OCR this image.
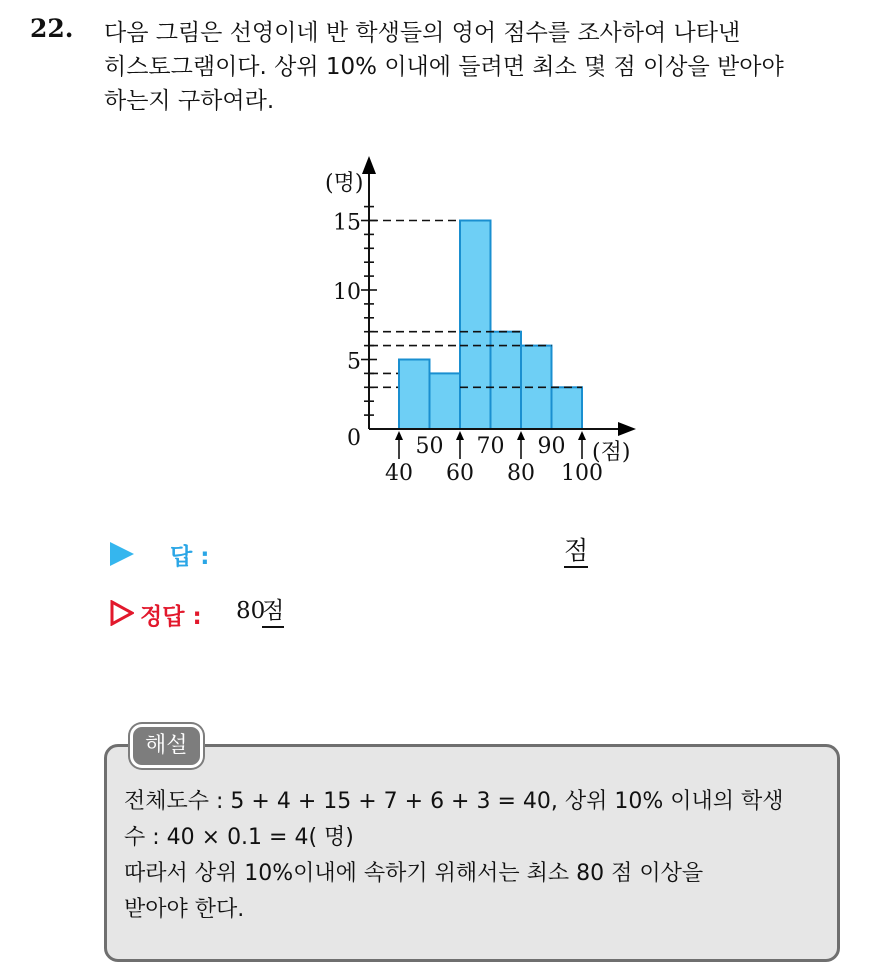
22. 다음 그림은 선영이네 반 학생들의 영어 점수를 조사하여 나타낸
히스토그램이다. 상위 10% 이내에 들려면 최소 몇 점 이상을 받아야
하는지 구하여라.
15
10
5
0
(명)
40 60 80 100
50 70 90 (점)
답 :	점
정답 : 80
점
해설
전체도수 : 5 + 4 + 15 + 7 + 6 + 3 = 40, 상위 10% 이내의 학생
수 : 40 × 0.1 = 4( 명)
따라서 상위 10%이내에 속하기 위해서는 최소 80 점 이상을
받아야 한다.
